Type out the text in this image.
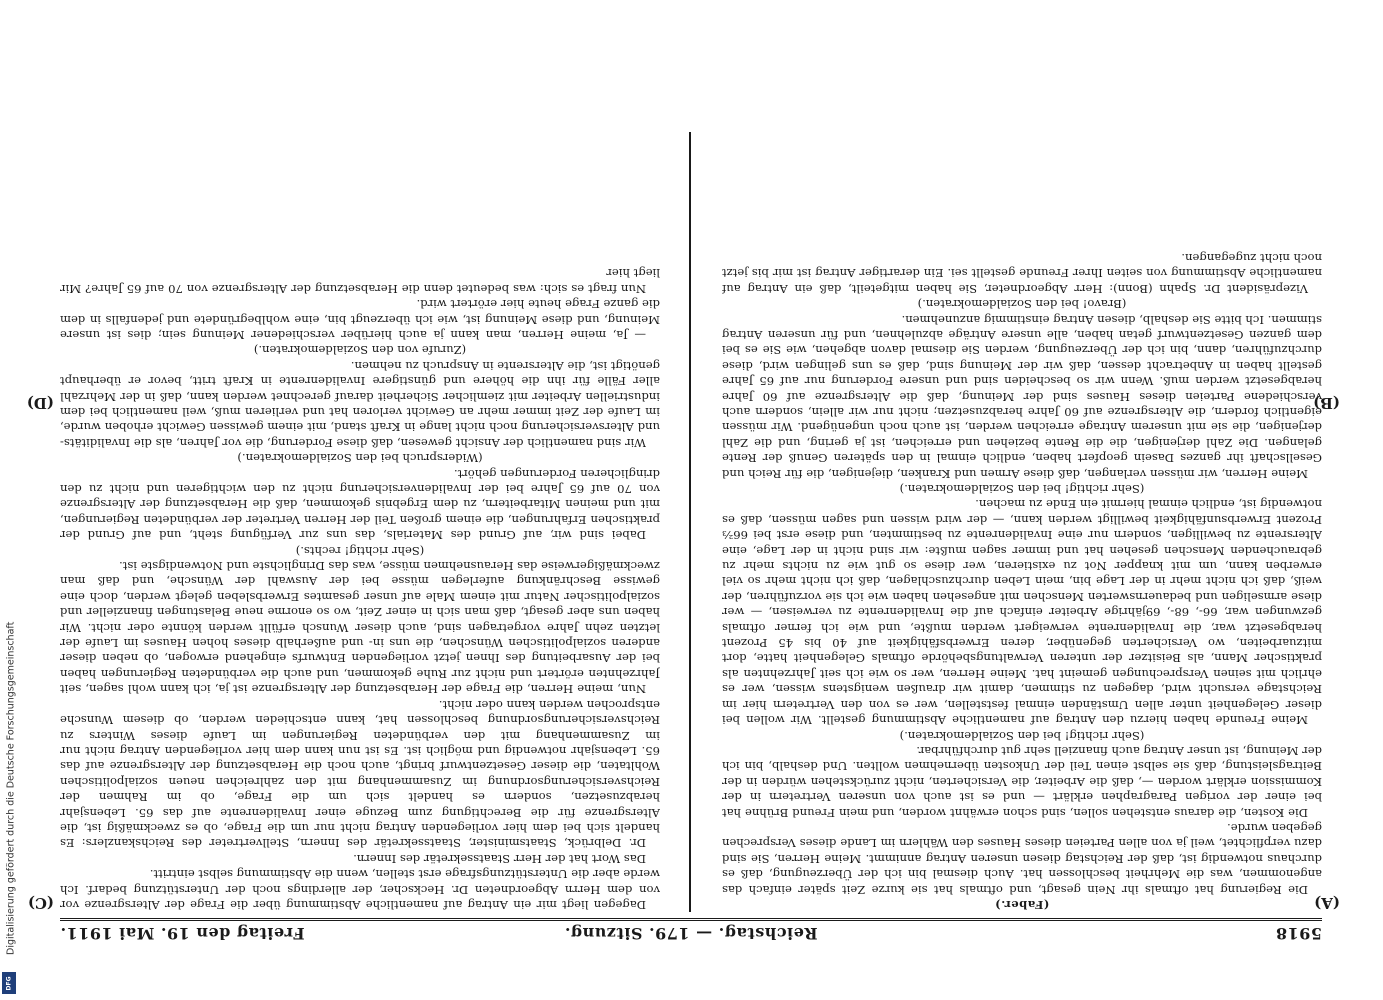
5918
Reichstag. — 179. Sitzung.
Freitag den 19. Mai 1911.
(A)
(B)
(C)
(D)

(Faber.)

Die Regierung hat oftmals ihr Nein gesagt, und oftmals hat sie kurze Zeit später einfach das angenommen, was die Mehrheit beschlossen hat. Auch diesmal bin ich der Überzeugung, daß es durchaus notwendig ist, daß der Reichstag diesen unseren Antrag annimmt. Meine Herren, Sie sind dazu verpflichtet, weil ja von allen Parteien dieses Hauses den Wählern im Lande dieses Versprechen gegeben wurde.

Die Kosten, die daraus entstehen sollen, sind schon erwähnt worden, und mein Freund Brühne hat bei einer der vorigen Paragraphen erklärt — und es ist auch von unseren Vertretern in der Kommission erklärt worden —, daß die Arbeiter, die Versicherten, nicht zurückstehen würden in der Beitragsleistung, daß sie selbst einen Teil der Unkosten übernehmen wollten. Und deshalb, bin ich der Meinung, ist unser Antrag auch finanziell sehr gut durchführbar.

(Sehr richtig! bei den Sozialdemokraten.)

Meine Freunde haben hierzu den Antrag auf namentliche Abstimmung gestellt. Wir wollen bei dieser Gelegenheit unter allen Umständen einmal feststellen, wer es von den Vertretern hier im Reichstage versucht wird, dagegen zu stimmen, damit wir draußen wenigstens wissen, wer es ehrlich mit seinen Versprechungen gemeint hat. Meine Herren, wer so wie ich seit Jahrzehnten als praktischer Mann, als Beisitzer der unteren Verwaltungsbehörde oftmals Gelegenheit hatte, dort mitzuarbeiten, wo Versicherten gegenüber, deren Erwerbsfähigkeit auf 40 bis 45 Prozent herabgesetzt war, die Invalidenrente verweigert werden mußte, und wie ich ferner oftmals gezwungen war, 66-, 68-, 69jährige Arbeiter einfach auf die Invalidenrente zu verweisen, — wer diese armseligen und bedauernswerten Menschen mit angesehen haben wie ich sie vorzuführen, der weiß, daß ich nicht mehr in der Lage bin, mein Leben durchzuschlagen, daß ich nicht mehr so viel erwerben kann, um mit knapper Not zu existieren, wer diese so gut wie zu nichts mehr zu gebrauchenden Menschen gesehen hat und immer sagen mußte: wir sind nicht in der Lage, eine Altersrente zu bewilligen, sondern nur eine Invalidenrente zu bestimmten, und diese erst bei 66⅔ Prozent Erwerbsunfähigkeit bewilligt werden kann, — der wird wissen und sagen müssen, daß es notwendig ist, endlich einmal hiermit ein Ende zu machen.

(Sehr richtig! bei den Sozialdemokraten.)

Meine Herren, wir müssen verlangen, daß diese Armen und Kranken, diejenigen, die für Reich und Gesellschaft ihr ganzes Dasein geopfert haben, endlich einmal in den späteren Genuß der Rente gelangen. Die Zahl derjenigen, die die Rente beziehen und erreichen, ist ja gering, und die Zahl derjenigen, die sie mit unserem Antrage erreichen werden, ist auch noch ungenügend. Wir müssen eigentlich fordern, die Altersgrenze auf 60 Jahre herabzusetzen; nicht nur wir allein, sondern auch verschiedene Parteien dieses Hauses sind der Meinung, daß die Altersgrenze auf 60 Jahre herabgesetzt werden muß. Wenn wir so bescheiden sind und unsere Forderung nur auf 65 Jahre gestellt haben in Anbetracht dessen, daß wir der Meinung sind, daß es uns gelingen wird, diese durchzuführen, dann, bin ich der Überzeugung, werden Sie diesmal davon abgehen, wie Sie es bei dem ganzen Gesetzentwurf getan haben, alle unsere Anträge abzulehnen, und für unseren Antrag stimmen. Ich bitte Sie deshalb, diesen Antrag einstimmig anzunehmen.

(Bravo! bei den Sozialdemokraten.)

Vizepräsident Dr. Spahn (Bonn): Herr Abgeordneter, Sie haben mitgeteilt, daß ein Antrag auf namentliche Abstimmung von seiten Ihrer Freunde gestellt sei. Ein derartiger Antrag ist mir bis jetzt noch nicht zugegangen.

Dagegen liegt mir ein Antrag auf namentliche Abstimmung über die Frage der Altersgrenze vor von dem Herrn Abgeordneten Dr. Heckscher, der allerdings noch der Unterstützung bedarf. Ich werde aber die Unterstützungsfrage erst stellen, wenn die Abstimmung selbst eintritt.

Das Wort hat der Herr Staatssekretär des Innern.

Dr. Delbrück, Staatsminister, Staatssekretär des Innern, Stellvertreter des Reichskanzlers: Es handelt sich bei dem hier vorliegenden Antrag nicht nur um die Frage, ob es zweckmäßig ist, die Altersgrenze für die Berechtigung zum Bezuge einer Invalidenrente auf das 65. Lebensjahr herabzusetzen, sondern es handelt sich um die Frage, ob im Rahmen der Reichsversicherungsordnung im Zusammenhang mit den zahlreichen neuen sozialpolitischen Wohltaten, die dieser Gesetzentwurf bringt, auch noch die Herabsetzung der Altersgrenze auf das 65. Lebensjahr notwendig und möglich ist. Es ist nun kann dem hier vorliegenden Antrag nicht nur im Zusammenhang mit den verbündeten Regierungen im Laufe dieses Winters zu Reichsversicherungsordnung beschlossen hat, kann entschieden werden, ob diesem Wunsche entsprochen werden kann oder nicht.

Nun, meine Herren, die Frage der Herabsetzung der Altersgrenze ist ja, ich kann wohl sagen, seit Jahrzehnten erörtert und nicht zur Ruhe gekommen, und auch die verbündeten Regierungen haben bei der Ausarbeitung des Ihnen jetzt vorliegenden Entwurfs eingehend erwogen, ob neben dieser anderen sozialpolitischen Wünschen, die uns in- und außerhalb dieses hohen Hauses im Laufe der letzten zehn Jahre vorgetragen sind, auch dieser Wunsch erfüllt werden könnte oder nicht. Wir haben uns aber gesagt, daß man sich in einer Zeit, wo so enorme neue Belastungen finanzieller und sozialpolitischer Natur mit einem Male auf unser gesamtes Erwerbsleben gelegt werden, doch eine gewisse Beschränkung auferlegen müsse bei der Auswahl der Wünsche, und daß man zweckmäßigerweise das Herausnehmen müsse, was das Dringlichste und Notwendigste ist.

(Sehr richtig! rechts.)

Dabei sind wir, auf Grund des Materials, das uns zur Verfügung steht, und auf Grund der praktischen Erfahrungen, die einem großen Teil der Herren Vertreter der verbündeten Regierungen, mit und meinen Mitarbeitern, zu dem Ergebnis gekommen, daß die Herabsetzung der Altersgrenze von 70 auf 65 Jahre bei der Invalidenversicherung nicht zu den wichtigeren und nicht zu den dringlicheren Forderungen gehört.

(Widerspruch bei den Sozialdemokraten.)

Wir sind namentlich der Ansicht gewesen, daß diese Forderung, die vor Jahren, als die Invaliditäts- und Altersversicherung noch nicht lange in Kraft stand, mit einem gewissen Gewicht erhoben wurde, im Laufe der Zeit immer mehr an Gewicht verloren hat und verlieren muß, weil namentlich bei dem industriellen Arbeiter mit ziemlicher Sicherheit darauf gerechnet werden kann, daß in der Mehrzahl aller Fälle für ihn die höhere und günstigere Invalidenrente in Kraft tritt, bevor er überhaupt genötigt ist, die Altersrente in Anspruch zu nehmen.

(Zurufe von den Sozialdemokraten.)

— Ja, meine Herren, man kann ja auch hierüber verschiedener Meinung sein; dies ist unsere Meinung, und diese Meinung ist, wie ich überzeugt bin, eine wohlbegründete und jedenfalls in dem die ganze Frage heute hier erörtert wird.

Nun fragt es sich: was bedeutet denn die Herabsetzung der Altersgrenze von 70 auf 65 Jahre? Mir liegt hier

Digitalisierung gefördert durch die Deutsche Forschungsgemeinschaft
DFG
